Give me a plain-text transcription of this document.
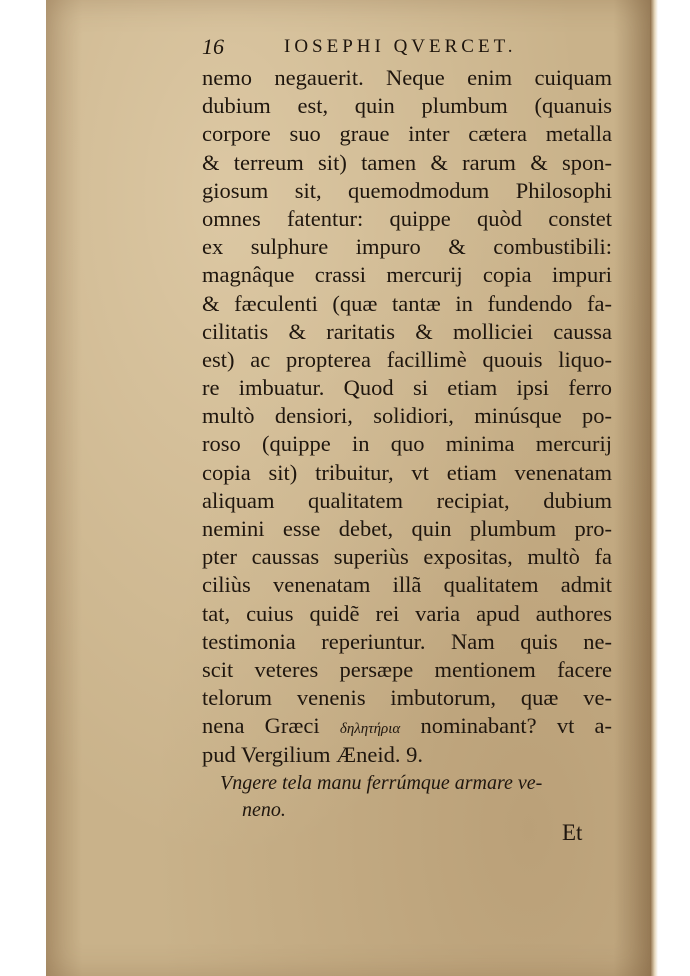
16	IOSEPHI QVERCET.
nemo negauerit. Neque enim cuiquam
dubium est, quin plumbum (quanuis
corpore suo graue inter cætera metalla
& terreum sit) tamen & rarum & spon-
giosum sit, quemodmodum Philosophi
omnes fatentur: quippe quòd constet
ex sulphure impuro & combustibili:
magnâque crassi mercurij copia impuri
& fæculenti (quæ tantæ in fundendo fa-
cilitatis & raritatis & molliciei caussa
est) ac propterea facillimè quouis liquo-
re imbuatur. Quod si etiam ipsi ferro
multò densiori, solidiori, minúsque po-
roso (quippe in quo minima mercurij
copia sit) tribuitur, vt etiam venenatam
aliquam qualitatem recipiat, dubium
nemini esse debet, quin plumbum pro-
pter caussas superiùs expositas, multò fa
ciliùs venenatam illã qualitatem admit
tat, cuius quidẽ rei varia apud authores
testimonia reperiuntur. Nam quis ne-
scit veteres persæpe mentionem facere
telorum venenis imbutorum, quæ ve-
nena Græci δηλητήρια nominabant? vt a-
pud Vergilium Æneid. 9.
Vngere tela manu ferrúmque armare ve-
neno.
Et
